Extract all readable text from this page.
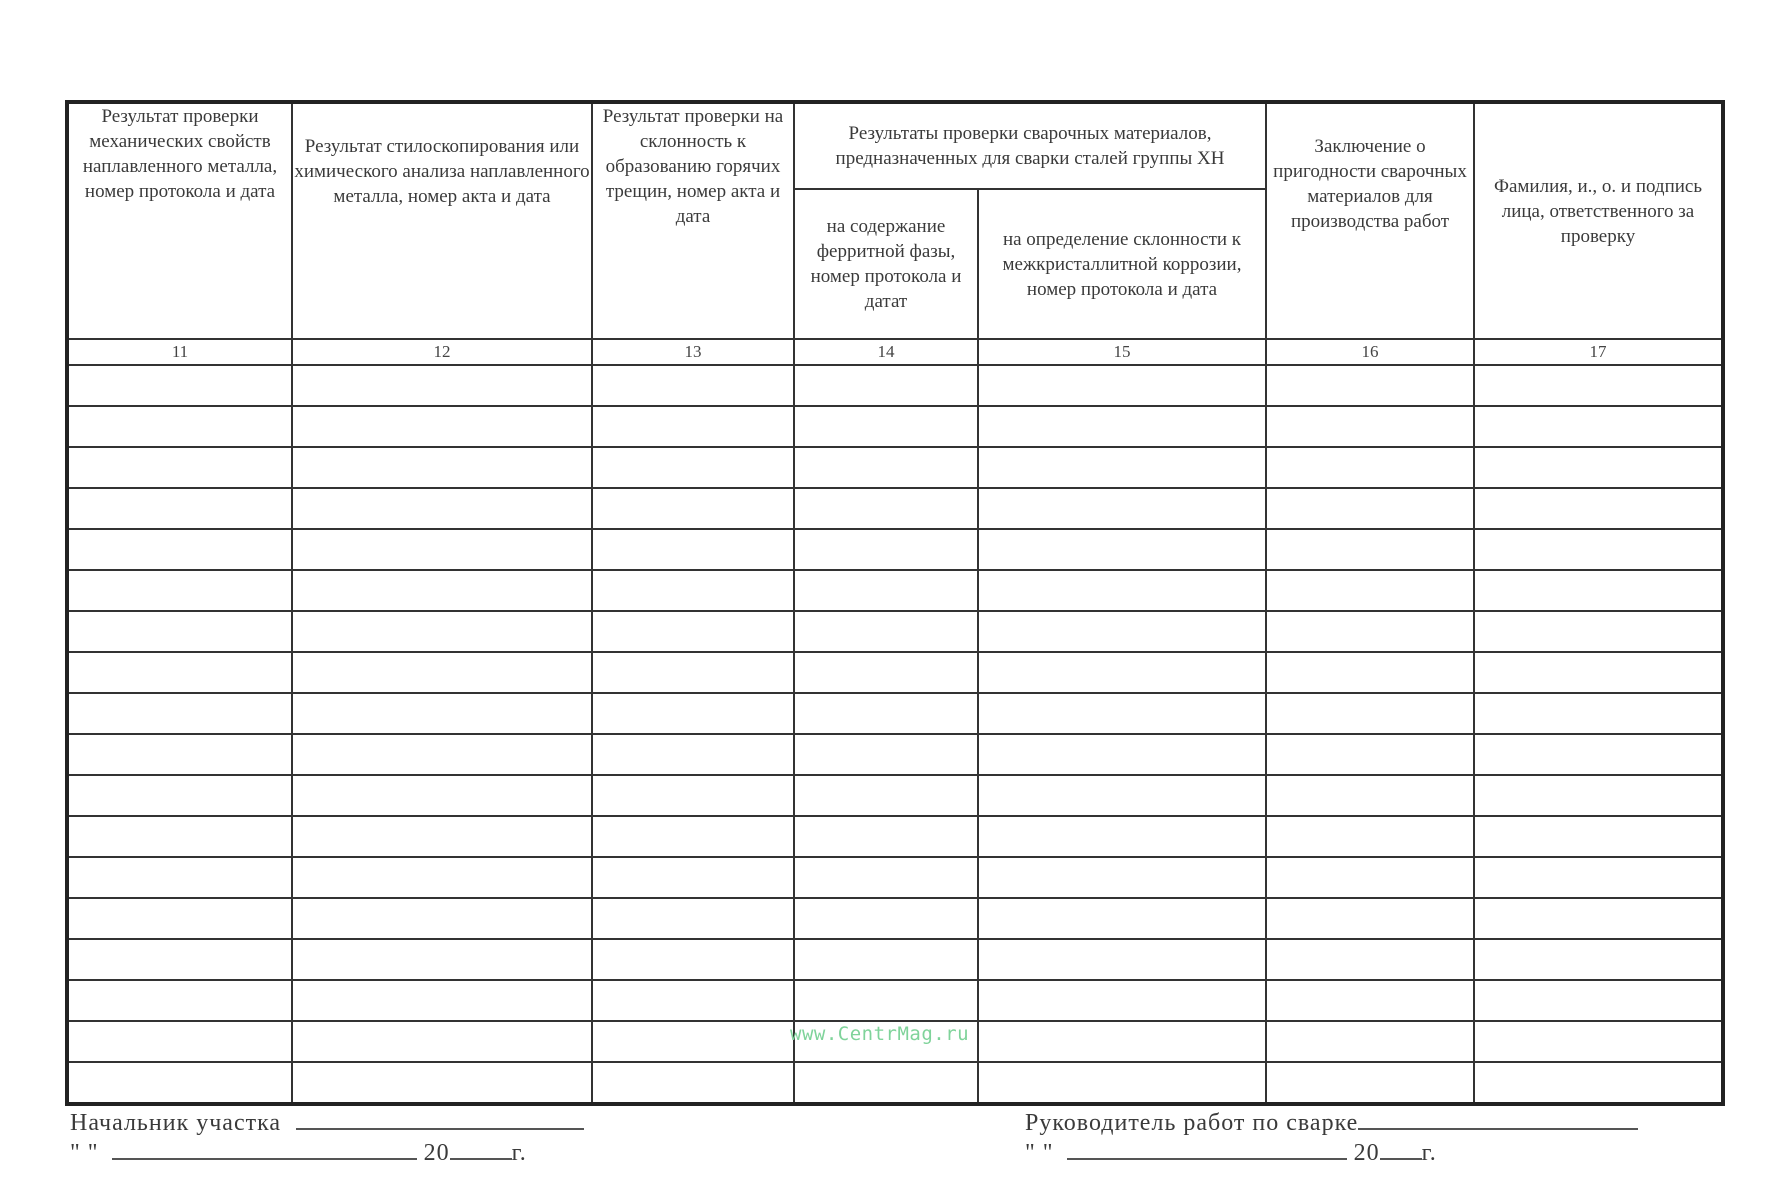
Результат проверки механических свойств наплавленного металла, номер протокола и дата	Результат стилоскопирования или химического анализа наплавленного металла, номер акта и дата	Результат проверки на склонность к образованию горячих трещин, номер акта и дата	Результаты проверки сварочных материалов, предназначенных для сварки сталей группы ХН		Заключение о пригодности сварочных материалов для производства работ	Фамилия, и., о. и подпись лица, ответственного за проверку
			на содержание ферритной фазы, номер протокола и датат	на определение склонности к межкристаллитной коррозии, номер протокола и дата		
11	12	13	14	15	16	17

www.CentrMag.ru
Начальник участка
" "	20	г.
Руководитель работ по сварке
" "	20 г.
